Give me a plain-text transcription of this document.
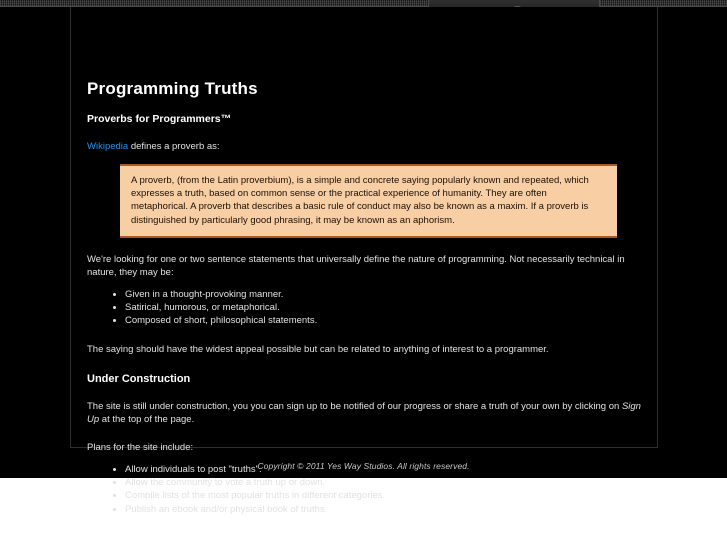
Programming Truths
Proverbs for Programmers™

Wikipedia defines a proverb as:

A proverb, (from the Latin proverbium), is a simple and concrete saying popularly known and repeated, which expresses a truth, based on common sense or the practical experience of humanity. They are often metaphorical. A proverb that describes a basic rule of conduct may also be known as a maxim. If a proverb is distinguished by particularly good phrasing, it may be known as an aphorism.

We're looking for one or two sentence statements that universally define the nature of programming. Not necessarily technical in nature, they may be:

• Given in a thought-provoking manner.
• Satirical, humorous, or metaphorical.
• Composed of short, philosophical statements.

The saying should have the widest appeal possible but can be related to anything of interest to a programmer.

Under Construction

The site is still under construction, you you can sign up to be notified of our progress or share a truth of your own by clicking on Sign Up at the top of the page.

Plans for the site include:

• Allow individuals to post "truths".
• Allow the community to vote a truth up or down.
• Compile lists of the most popular truths in different categories.
• Publish an ebook and/or physical book of truths.
Copyright © 2011 Yes Way Studios. All rights reserved.
